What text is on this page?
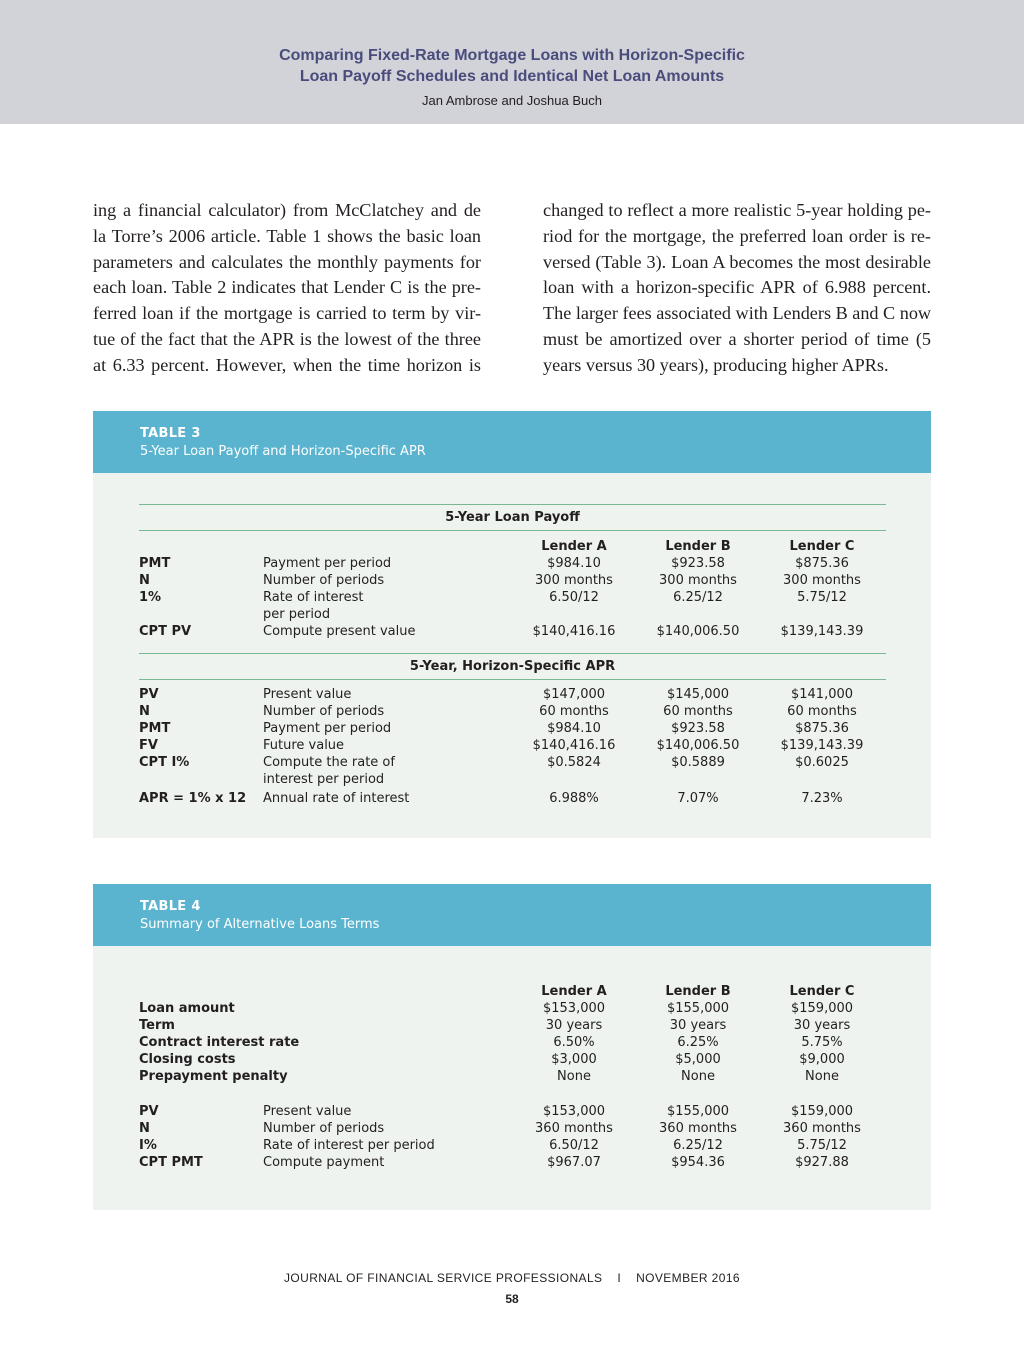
Comparing Fixed-Rate Mortgage Loans with Horizon-Specific
Loan Payoff Schedules and Identical Net Loan Amounts
Jan Ambrose and Joshua Buch
ing a financial calculator) from McClatchey and de
la Torre’s 2006 article. Table 1 shows the basic loan
parameters and calculates the monthly payments for
each loan. Table 2 indicates that Lender C is the pre-
ferred loan if the mortgage is carried to term by vir-
tue of the fact that the APR is the lowest of the three
at 6.33 percent. However, when the time horizon is
changed to reflect a more realistic 5-year holding pe-
riod for the mortgage, the preferred loan order is re-
versed (Table 3). Loan A becomes the most desirable
loan with a horizon-specific APR of 6.988 percent.
The larger fees associated with Lenders B and C now
must be amortized over a shorter period of time (5
years versus 30 years), producing higher APRs.
TABLE 3
5-Year Loan Payoff and Horizon-Specific APR
5-Year Loan Payoff
Lender A	Lender B	Lender C
PMT	Payment per period	$984.10	$923.58	$875.36
N	Number of periods	300 months	300 months	300 months
1%	Rate of interest	6.50/12	6.25/12	5.75/12
per period
CPT PV	Compute present value	$140,416.16	$140,006.50	$139,143.39
5-Year, Horizon-Specific APR
PV	Present value	$147,000	$145,000	$141,000
N	Number of periods	60 months	60 months	60 months
PMT	Payment per period	$984.10	$923.58	$875.36
FV	Future value	$140,416.16	$140,006.50	$139,143.39
CPT I%	Compute the rate of	$0.5824	$0.5889	$0.6025
interest per period
APR = 1% x 12 Annual rate of interest	6.988%	7.07%	7.23%
TABLE 4
Summary of Alternative Loans Terms
Lender A	Lender B	Lender C
Loan amount	$153,000	$155,000	$159,000
Term	30 years	30 years	30 years
Contract interest rate	6.50%	6.25%	5.75%
Closing costs	$3,000	$5,000	$9,000
Prepayment penalty	None	None	None
PV	Present value	$153,000	$155,000	$159,000
N	Number of periods	360 months	360 months	360 months
I%	Rate of interest per period	6.50/12	6.25/12	5.75/12
CPT PMT	Compute payment	$967.07	$954.36	$927.88
JOURNAL OF FINANCIAL SERVICE PROFESSIONALS I NOVEMBER 2016
58
